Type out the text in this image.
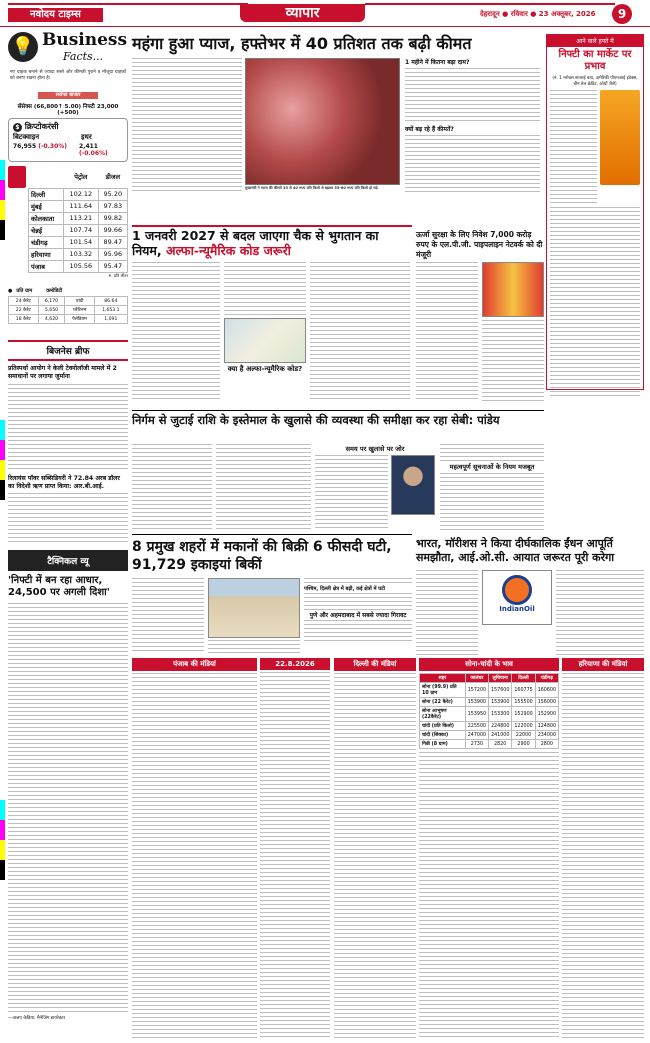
नवोदय टाइम्स	व्यापार	देहरादून ● रविवार ● 23 अक्तूबर, 2026	9
💡 Business
Facts...
नए ग्राहक बनाने से ज्यादा सस्ते और कीमती पुराने व मौजूदा ग्राहकों को बनाए रखना होता है।
सर्राफा बाजार
सेंसेक्स (66,800↑ 5.00) निफ्टी 23,000 (+500)
$ क्रिप्टोकरंसी
बिटक्वाइन
76,955 (-0.30%)
इथर
2,411 (-0.06%)
	पेट्रोल	डीजल
दिल्ली	102.12	95.20
मुंबई	111.64	97.83
कोलकाता	113.21	99.82
चेन्नई	107.74	99.66
चंडीगढ़	101.54	89.47
हरियाणा	103.32	95.96
पंजाब	105.56	95.47
रु. प्रति लीटर
● प्रति ग्राम	कमोडिटी
24 कैरेट	6,170	चांदी	86.64
22 कैरेट	5,650	प्लैटिनम	1,653.1
18 कैरेट	4,620	पैलेडियम	1,091
बिजनेस ब्रीफ
प्रतिस्पर्धा आयोग ने केली टेक्नोलॉजी मामले में 2 समाधानों पर लगाया जुर्माना
रिलायंस पॉवर सब्सिडियरी ने 72.84 अरब डॉलर का विदेशी ऋण प्राप्त किया: आर.बी.आई.
टैक्निकल व्यू
'निफ्टी में बन रहा आधार, 24,500 पर अगली दिशा'
—अजय केडिया, मैनेजिंग डायरेक्टर
महंगा हुआ प्याज, हफ्तेभर में 40 प्रतिशत तक बढ़ी कीमत
मुख्यमंत्री ने प्याज की कीमतें 35 से 40 रुपए प्रति किलो से बढ़कर 55-60 रुपए प्रति किलो हो गई।
1 महीने में कितना बढ़ा दाम?
क्यों बढ़ रहे हैं कीमतें?
आने वाले हफ्ते में
निफ्टी का मार्केट पर प्रभाव
(नं. 1 ग्लोबल सप्लाई बाय, अमेरिकी पीएमआई इंडेक्स, चीन तेल क्रेडिट, ऑर्थो जैसे)
1 जनवरी 2027 से बदल जाएगा चैक से भुगतान का नियम, अल्फा-न्यूमैरिक कोड जरूरी
क्या है अल्फा-न्यूमैरिक कोड?
ऊर्जा सुरक्षा के लिए निवेश 7,000 करोड़ रुपए के एल.पी.जी. पाइपलाइन नेटवर्क को दी मंजूरी
निर्गम से जुटाई राशि के इस्तेमाल के खुलासे की व्यवस्था की समीक्षा कर रहा सेबी: पांडेय
समय पर खुलासे पर जोर
महत्वपूर्ण सूचनाओं के नियम मजबूत
8 प्रमुख शहरों में मकानों की बिक्री 6 फीसदी घटी, 91,729 इकाइयां बिकीं
पश्चिम, दिल्ली क्षेत्र में बढ़ी, कई क्षेत्रों में घटी
पुणे और अहमदाबाद में सबसे ज्यादा गिरावट
भारत, मॉरीशस ने किया दीर्घकालिक ईंधन आपूर्ति समझौता, आई.ओ.सी. आयात जरूरत पूरी करेगा
IndianOil
पंजाब की मंडियां	22.8.2026	दिल्ली की मंडियां	सोना-चांदी के भाव
शहर	जालंधर	लुधियाना	दिल्ली	चंडीगढ़
सोना (99.9) प्रति 10 ग्राम	157200	157600	160775	160600
सोना (22 कैरेट)	153900	153900	155500	156000
सोना आभूषण (22कैरेट)	153950	153300	152900	152900
चांदी (प्रति किलो)	225500	224800	122000	124800
चांदी (सिक्का)	247000	241000	22000	234000
गिन्नी (8 ग्राम)	2730	2820	2900	2800
हरियाणा की मंडियां
